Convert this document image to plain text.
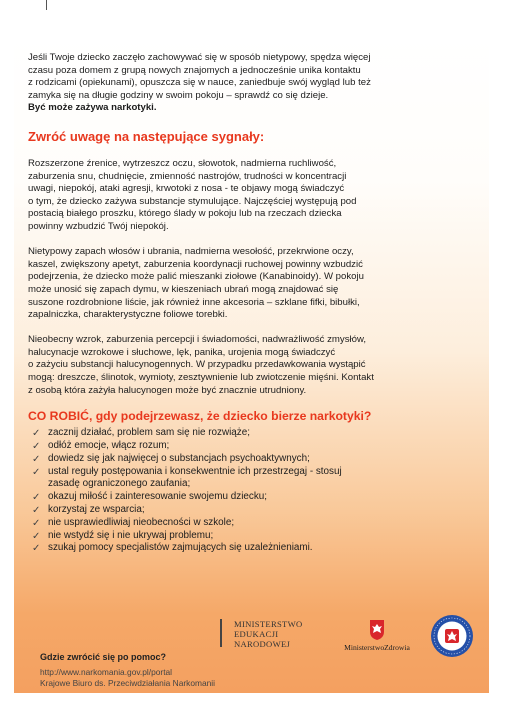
Jeśli Twoje dziecko zaczęło zachowywać się w sposób nietypowy, spędza więcej
czasu poza domem z grupą nowych znajomych a jednocześnie unika kontaktu
z rodzicami (opiekunami), opuszcza się w nauce, zaniedbuje swój wygląd lub też
zamyka się na długie godziny w swoim pokoju – sprawdź co się dzieje.
Być może zażywa narkotyki.

Zwróć uwagę na następujące sygnały:

Rozszerzone źrenice, wytrzeszcz oczu, słowotok, nadmierna ruchliwość,
zaburzenia snu, chudnięcie, zmienność nastrojów, trudności w koncentracji
uwagi, niepokój, ataki agresji, krwotoki z nosa - te objawy mogą świadczyć
o tym, że dziecko zażywa substancje stymulujące. Najczęściej występują pod
postacią białego proszku, którego ślady w pokoju lub na rzeczach dziecka
powinny wzbudzić Twój niepokój.

Nietypowy zapach włosów i ubrania, nadmierna wesołość, przekrwione oczy,
kaszel, zwiększony apetyt, zaburzenia koordynacji ruchowej powinny wzbudzić
podejrzenia, że dziecko może palić mieszanki ziołowe (Kanabinoidy). W pokoju
może unosić się zapach dymu, w kieszeniach ubrań mogą znajdować się
suszone rozdrobnione liście, jak również inne akcesoria – szklane fifki, bibułki,
zapalniczka, charakterystyczne foliowe torebki.

Nieobecny wzrok, zaburzenia percepcji i świadomości, nadwrażliwość zmysłów,
halucynacje wzrokowe i słuchowe, lęk, panika, urojenia mogą świadczyć
o zażyciu substancji halucynogennych. W przypadku przedawkowania wystąpić
mogą: dreszcze, ślinotok, wymioty, zesztywnienie lub zwiotczenie mięśni. Kontakt
z osobą która zażyła halucynogen może być znacznie utrudniony.

CO ROBIĆ, gdy podejrzewasz, że dziecko bierze narkotyki?

✓ zacznij działać, problem sam się nie rozwiąże;
✓ odłóż emocje, włącz rozum;
✓ dowiedz się jak najwięcej o substancjach psychoaktywnych;
✓ ustal reguły postępowania i konsekwentnie ich przestrzegaj - stosuj
zasadę ograniczonego zaufania;
✓ okazuj miłość i zainteresowanie swojemu dziecku;
✓ korzystaj ze wsparcia;
✓ nie usprawiedliwiaj nieobecności w szkole;
✓ nie wstydź się i nie ukrywaj problemu;
✓ szukaj pomocy specjalistów zajmujących się uzależnieniami.
MINISTERSTWO
EDUKACJI
NARODOWEJ	MinisterstwoZdrowia
Gdzie zwrócić się po pomoc?
http://www.narkomania.gov.pl/portal
Krajowe Biuro ds. Przeciwdziałania Narkomanii
